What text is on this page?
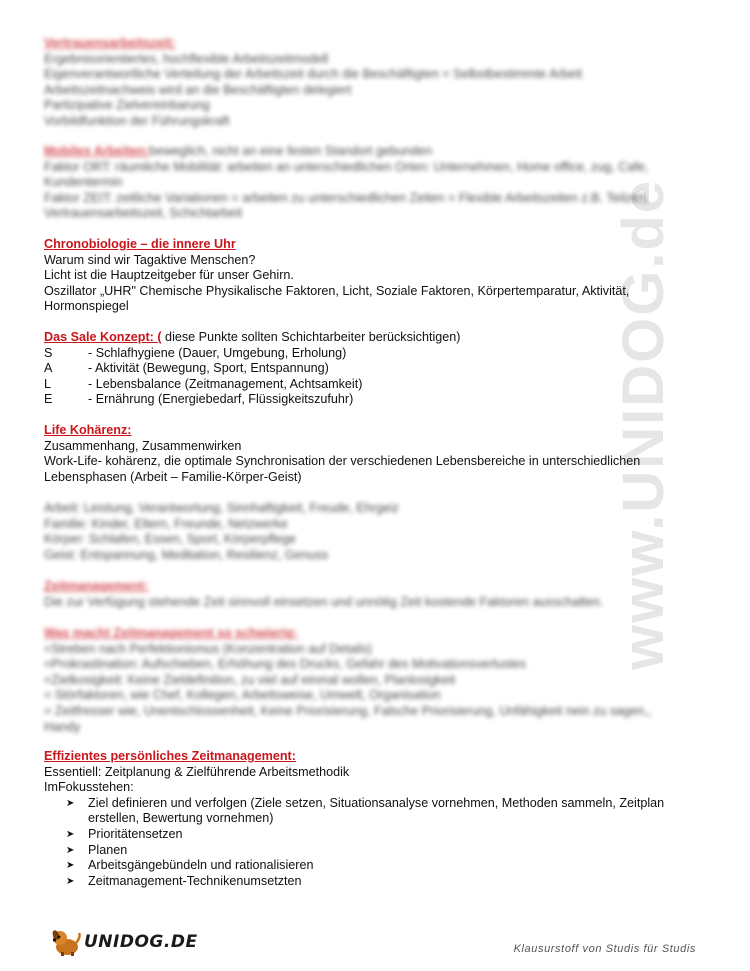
www.UNIDOG.de
Vertrauensarbeitszeit:
Ergebnisorientiertes, hochflexible Arbeitszeitmodell
Eigenverantwortliche Verteilung der Arbeitszeit durch die Beschäftigten = Selbstbestimmte Arbeit
Arbeitszeitnachweis wird an die Beschäftigten delegiert
Partizipative Zielvereinbarung
Vorbildfunktion der Führungskraft
Mobiles Arbeiten:beweglich, nicht an eine festen Standort gebunden
Faktor ORT: räumliche Mobilität: arbeiten an unterschiedlichen Orten: Unternehmen, Home office, zug, Cafe,
Kundentermin
Faktor ZEIT: zeitliche Variationen = arbeiten zu unterschiedlichen Zeiten = Flexible Arbeitszeiten z.B. Teilzeit,
Vertrauensarbeitszeit, Schichtarbeit
Chronobiologie – die innere Uhr
Warum sind wir Tagaktive Menschen?
Licht ist die Hauptzeitgeber für unser Gehirn.
Oszillator „UHR" Chemische Physikalische Faktoren, Licht, Soziale Faktoren, Körpertemparatur, Aktivität,
Hormonspiegel
Das Sale Konzept: ( diese Punkte sollten Schichtarbeiter berücksichtigen)
S	- Schlafhygiene (Dauer, Umgebung, Erholung)
A	- Aktivität (Bewegung, Sport, Entspannung)
L	- Lebensbalance (Zeitmanagement, Achtsamkeit)
E	- Ernährung (Energiebedarf, Flüssigkeitszufuhr)
Life Kohärenz:
Zusammenhang, Zusammenwirken
Work-Life- kohärenz, die optimale Synchronisation der verschiedenen Lebensbereiche in unterschiedlichen
Lebensphasen (Arbeit – Familie-Körper-Geist)
Arbeit: Leistung, Verantwortung, Sinnhaftigkeit, Freude, Ehrgeiz
Familie: Kinder, Eltern, Freunde, Netzwerke
Körper: Schlafen, Essen, Sport, Körperpflege
Geist: Entspannung, Meditation, Resilienz, Genuss
Zeitmanagement:
Die zur Verfügung stehende Zeit sinnvoll einsetzen und unnötig Zeit kostende Faktoren ausschalten.
Was macht Zeitmanagement so schwierig:
=Streben nach Perfektionismus (Konzentration auf Details)
=Prokrastination: Aufschieben, Erhöhung des Drucks, Gefahr des Motivationsverlustes
=Zielkosigkeit: Keine Zieldefinition, zu viel auf einmal wollen, Planlosigkeit
= Störfaktoren, wie Chef, Kollegen, Arbeitsweise, Umwelt, Organisation
= Zeitfresser wie, Unentschlossenheit, Keine Priorisierung, Falsche Priorisierung, Unfähigkeit nein zu sagen,,
Handy
Effizientes persönliches Zeitmanagement:
Essentiell: Zeitplanung & Zielführende Arbeitsmethodik
ImFokusstehen:
➤	Ziel definieren und verfolgen (Ziele setzen, Situationsanalyse vornehmen, Methoden sammeln, Zeitplan erstellen, Bewertung vornehmen)
➤	Prioritätensetzen
➤	Planen
➤	Arbeitsgängebündeln und rationalisieren
➤	Zeitmanagement-Technikenumsetzten
UNIDOG.DE	Klausurstoff von Studis für Studis
